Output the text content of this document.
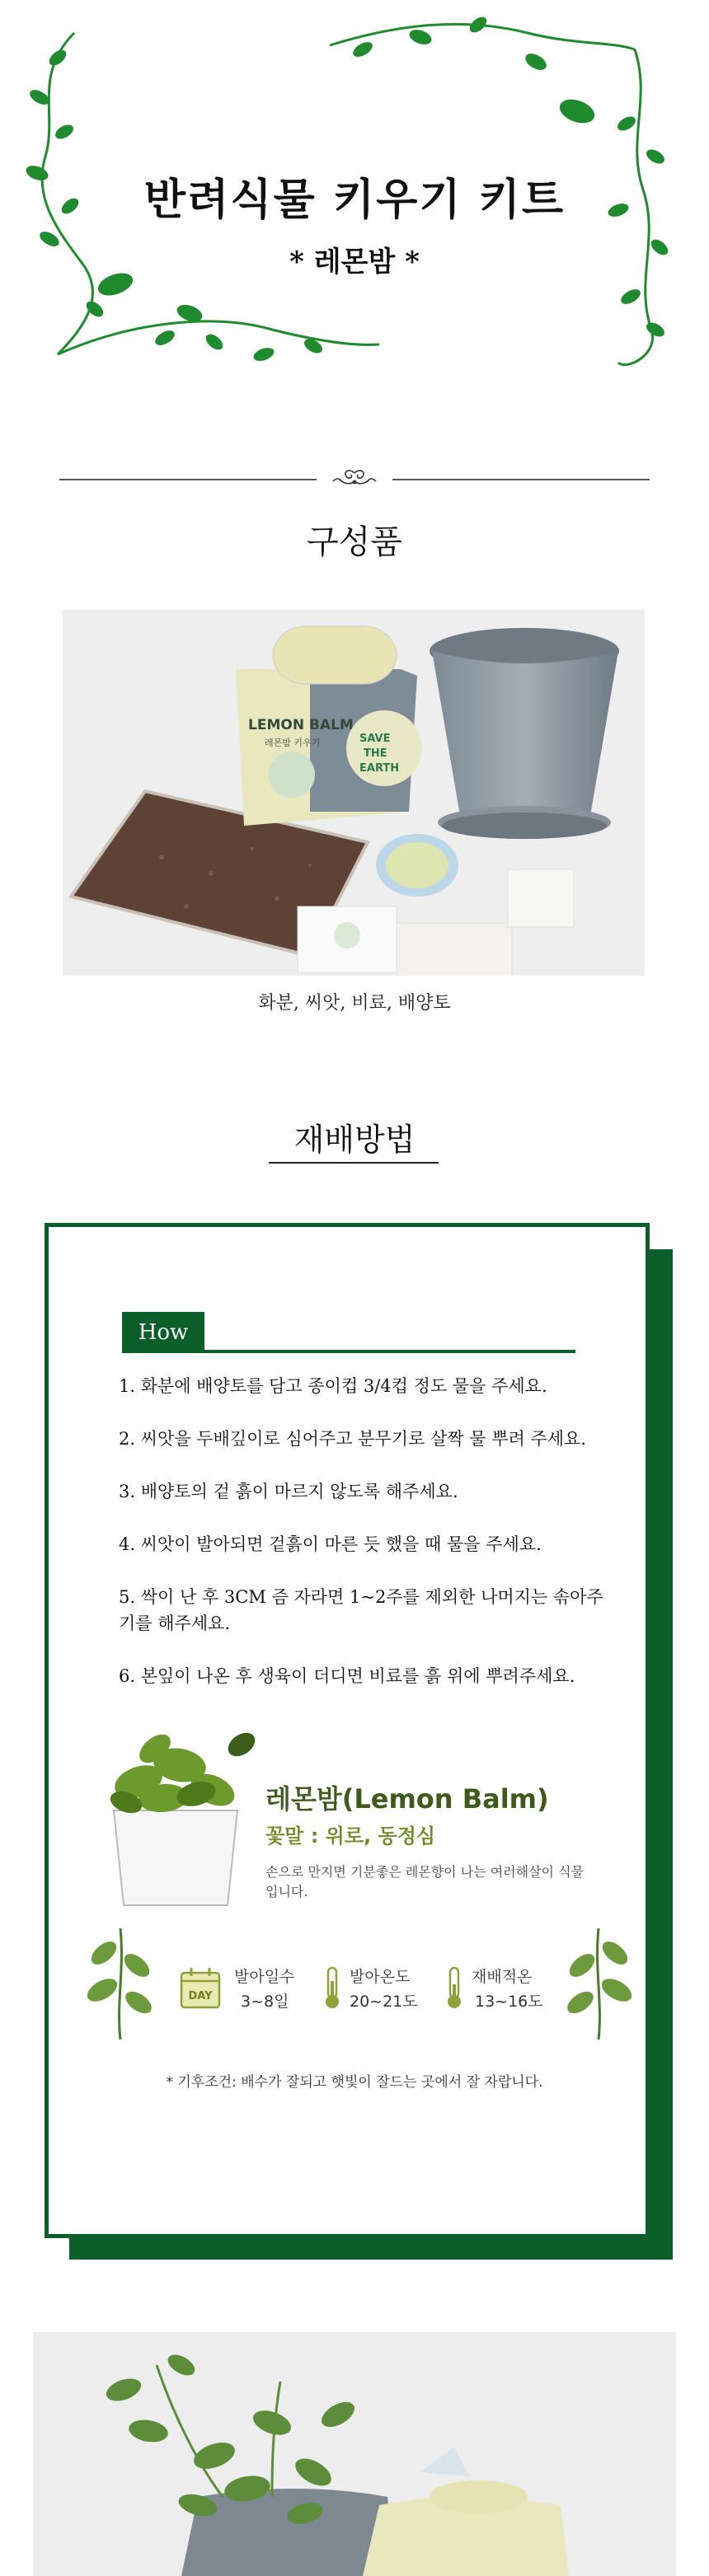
반려식물 키우기 키트
* 레몬밤 *
구성품
LEMON BALM
레몬밤 키우기	SAVE
THE
EARTH
화분, 씨앗, 비료, 배양토
재배방법
How
1. 화분에 배양토를 담고 종이컵 3/4컵 정도 물을 주세요.
2. 씨앗을 두배깊이로 심어주고 분무기로 살짝 물 뿌려 주세요.
3. 배양토의 겉 흙이 마르지 않도록 해주세요.
4. 씨앗이 발아되면 겉흙이 마른 듯 했을 때 물을 주세요.
5. 싹이 난 후 3CM 즘 자라면 1~2주를 제외한 나머지는 솎아주기를 해주세요.
6. 본잎이 나온 후 생육이 더디면 비료를 흙 위에 뿌려주세요.
레몬밤(Lemon Balm)
꽃말 : 위로, 동정심
손으로 만지면 기분좋은 레몬향이 나는 여러해살이 식물입니다.
DAY
발아일수
3~8일
발아온도
20~21도
재배적온
13~16도
* 기후조건: 배수가 잘되고 햇빛이 잘드는 곳에서 잘 자랍니다.
